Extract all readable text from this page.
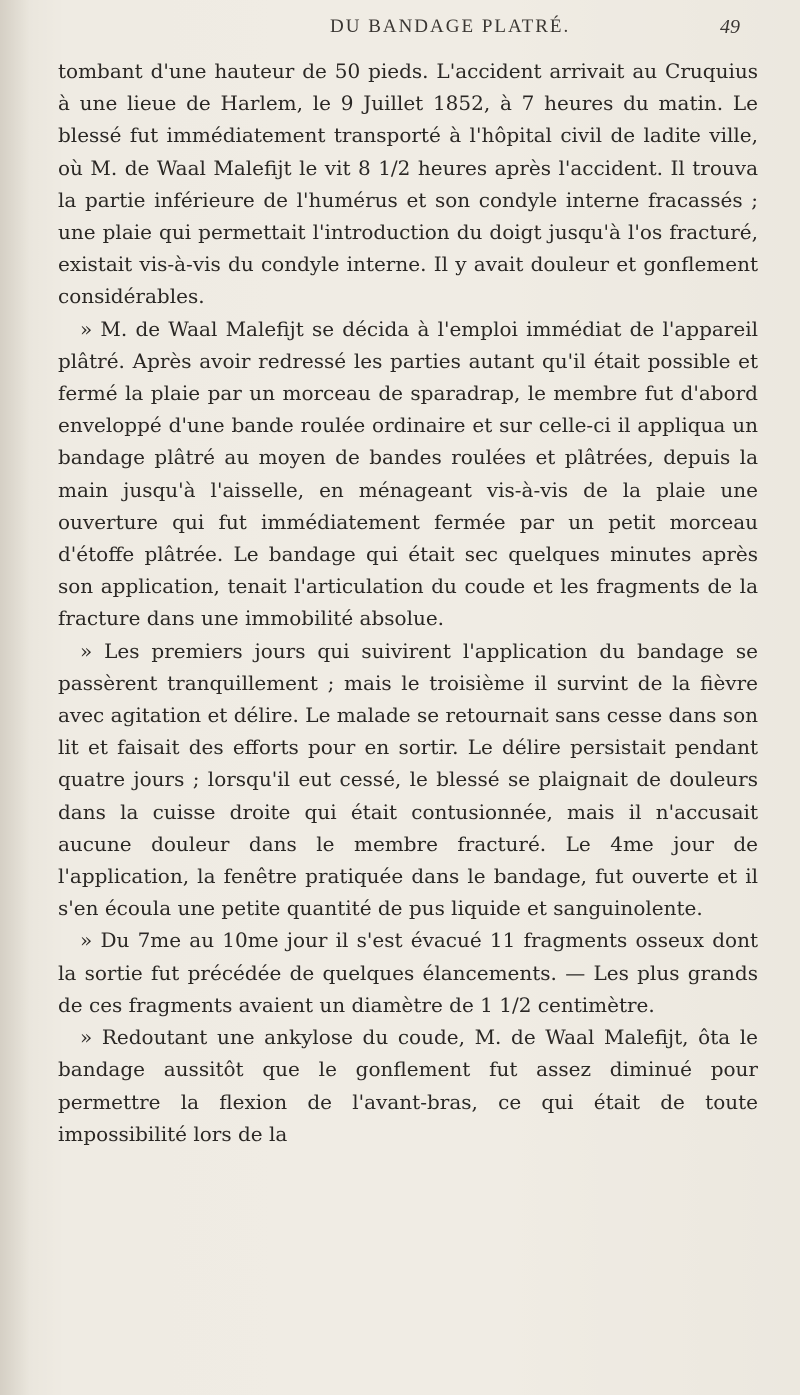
DU BANDAGE PLATRÉ.	49

tombant d'une hauteur de 50 pieds. L'accident arrivait au Cruquius à une lieue de Harlem, le 9 Juillet 1852, à 7 heures du matin. Le blessé fut immédiatement transporté à l'hôpital civil de ladite ville, où M. de Waal Malefijt le vit 8 1/2 heures après l'accident. Il trouva la partie inférieure de l'humérus et son condyle interne fracassés ; une plaie qui permettait l'introduction du doigt jusqu'à l'os fracturé, existait vis-à-vis du condyle interne. Il y avait douleur et gonflement considérables.

» M. de Waal Malefijt se décida à l'emploi immédiat de l'appareil plâtré. Après avoir redressé les parties autant qu'il était possible et fermé la plaie par un morceau de sparadrap, le membre fut d'abord enveloppé d'une bande roulée ordinaire et sur celle-ci il appliqua un bandage plâtré au moyen de bandes roulées et plâtrées, depuis la main jusqu'à l'aisselle, en ménageant vis-à-vis de la plaie une ouverture qui fut immédiatement fermée par un petit morceau d'étoffe plâtrée. Le bandage qui était sec quelques minutes après son application, tenait l'articulation du coude et les fragments de la fracture dans une immobilité absolue.

» Les premiers jours qui suivirent l'application du bandage se passèrent tranquillement ; mais le troisième il survint de la fièvre avec agitation et délire. Le malade se retournait sans cesse dans son lit et faisait des efforts pour en sortir. Le délire persistait pendant quatre jours ; lorsqu'il eut cessé, le blessé se plaignait de douleurs dans la cuisse droite qui était contusionnée, mais il n'accusait aucune douleur dans le membre fracturé. Le 4me jour de l'application, la fenêtre pratiquée dans le bandage, fut ouverte et il s'en écoula une petite quantité de pus liquide et sanguinolente.

» Du 7me au 10me jour il s'est évacué 11 fragments osseux dont la sortie fut précédée de quelques élancements. — Les plus grands de ces fragments avaient un diamètre de 1 1/2 centimètre.

» Redoutant une ankylose du coude, M. de Waal Malefijt, ôta le bandage aussitôt que le gonflement fut assez diminué pour permettre la flexion de l'avant-bras, ce qui était de toute impossibilité lors de la
